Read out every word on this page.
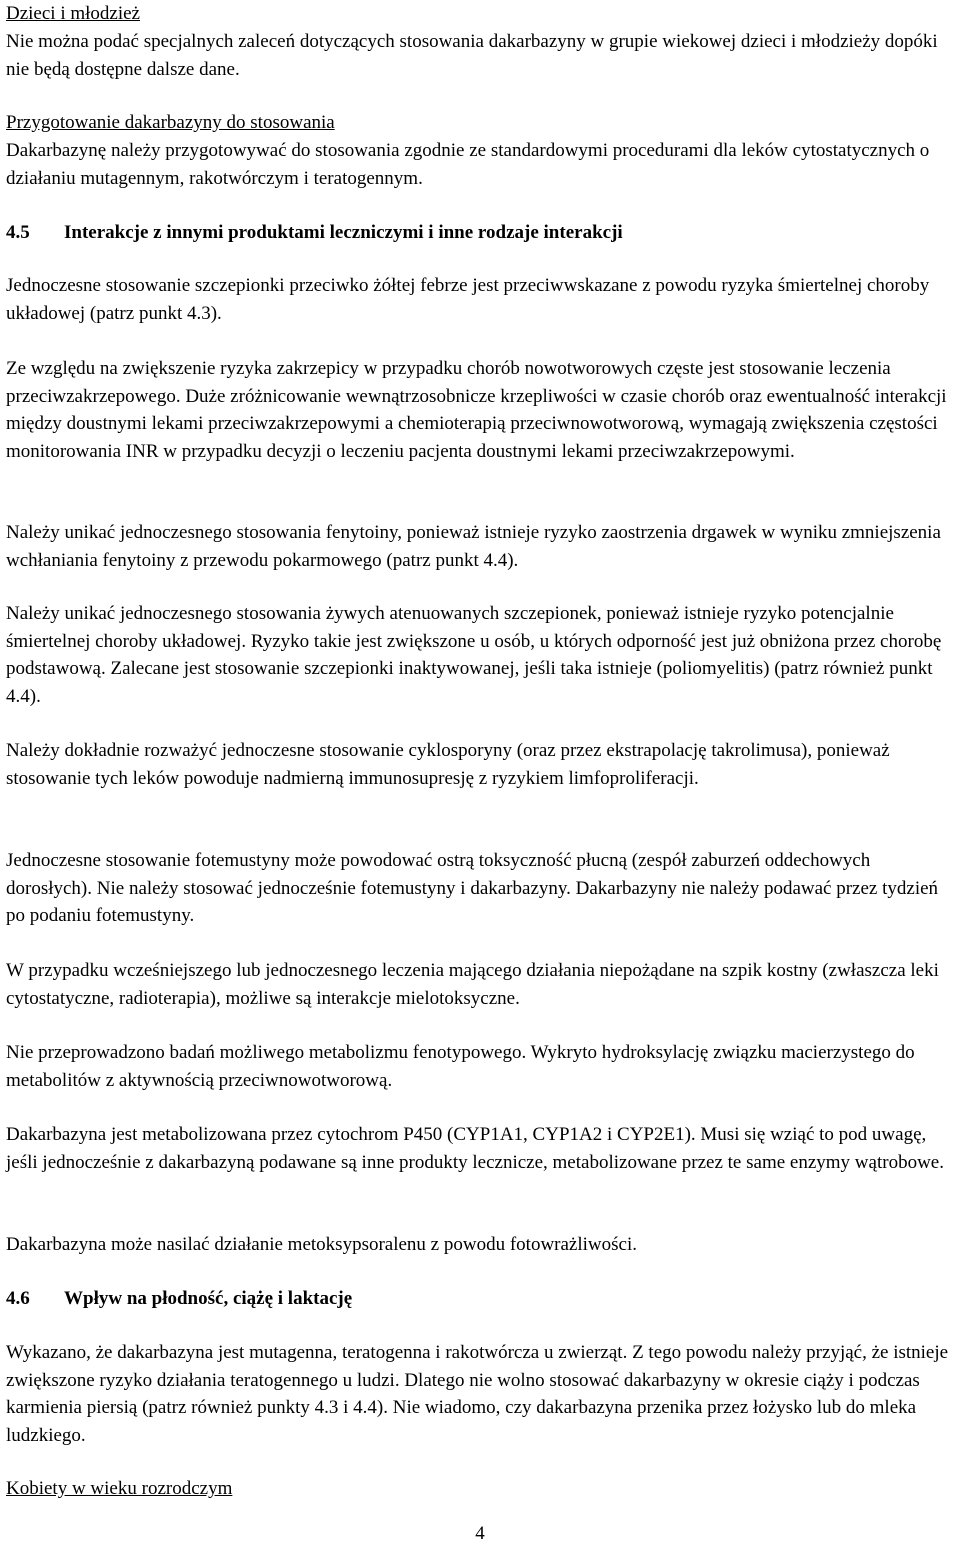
Dzieci i młodzież

Nie można podać specjalnych zaleceń dotyczących stosowania dakarbazyny w grupie wiekowej dzieci i młodzieży dopóki nie będą dostępne dalsze dane.

Przygotowanie dakarbazyny do stosowania

Dakarbazynę należy przygotowywać do stosowania zgodnie ze standardowymi procedurami dla leków cytostatycznych o działaniu mutagennym, rakotwórczym i teratogennym.

4.5	Interakcje z innymi produktami leczniczymi i inne rodzaje interakcji

Jednoczesne stosowanie szczepionki przeciwko żółtej febrze jest przeciwwskazane z powodu ryzyka śmiertelnej choroby układowej (patrz punkt 4.3).

Ze względu na zwiększenie ryzyka zakrzepicy w przypadku chorób nowotworowych częste jest stosowanie leczenia przeciwzakrzepowego. Duże zróżnicowanie wewnątrzosobnicze krzepliwości w czasie chorób oraz ewentualność interakcji między doustnymi lekami przeciwzakrzepowymi a chemioterapią przeciwnowotworową, wymagają zwiększenia częstości monitorowania INR w przypadku decyzji o leczeniu pacjenta doustnymi lekami przeciwzakrzepowymi.

Należy unikać jednoczesnego stosowania fenytoiny, ponieważ istnieje ryzyko zaostrzenia drgawek w wyniku zmniejszenia wchłaniania fenytoiny z przewodu pokarmowego (patrz punkt 4.4).

Należy unikać jednoczesnego stosowania żywych atenuowanych szczepionek, ponieważ istnieje ryzyko potencjalnie śmiertelnej choroby układowej. Ryzyko takie jest zwiększone u osób, u których odporność jest już obniżona przez chorobę podstawową. Zalecane jest stosowanie szczepionki inaktywowanej, jeśli taka istnieje (poliomyelitis) (patrz również punkt 4.4).

Należy dokładnie rozważyć jednoczesne stosowanie cyklosporyny (oraz przez ekstrapolację takrolimusa), ponieważ stosowanie tych leków powoduje nadmierną immunosupresję z ryzykiem limfoproliferacji.

Jednoczesne stosowanie fotemustyny może powodować ostrą toksyczność płucną (zespół zaburzeń oddechowych dorosłych). Nie należy stosować jednocześnie fotemustyny i dakarbazyny. Dakarbazyny nie należy podawać przez tydzień po podaniu fotemustyny.

W przypadku wcześniejszego lub jednoczesnego leczenia mającego działania niepożądane na szpik kostny (zwłaszcza leki cytostatyczne, radioterapia), możliwe są interakcje mielotoksyczne.

Nie przeprowadzono badań możliwego metabolizmu fenotypowego. Wykryto hydroksylację związku macierzystego do metabolitów z aktywnością przeciwnowotworową.

Dakarbazyna jest metabolizowana przez cytochrom P450 (CYP1A1, CYP1A2 i CYP2E1). Musi się wziąć to pod uwagę, jeśli jednocześnie z dakarbazyną podawane są inne produkty lecznicze, metabolizowane przez te same enzymy wątrobowe.

Dakarbazyna może nasilać działanie metoksypsoralenu z powodu fotowrażliwości.

4.6	Wpływ na płodność, ciążę i laktację

Wykazano, że dakarbazyna jest mutagenna, teratogenna i rakotwórcza u zwierząt. Z tego powodu należy przyjąć, że istnieje zwiększone ryzyko działania teratogennego u ludzi. Dlatego nie wolno stosować dakarbazyny w okresie ciąży i podczas karmienia piersią (patrz również punkty 4.3 i 4.4). Nie wiadomo, czy dakarbazyna przenika przez łożysko lub do mleka ludzkiego.

Kobiety w wieku rozrodczym

4
